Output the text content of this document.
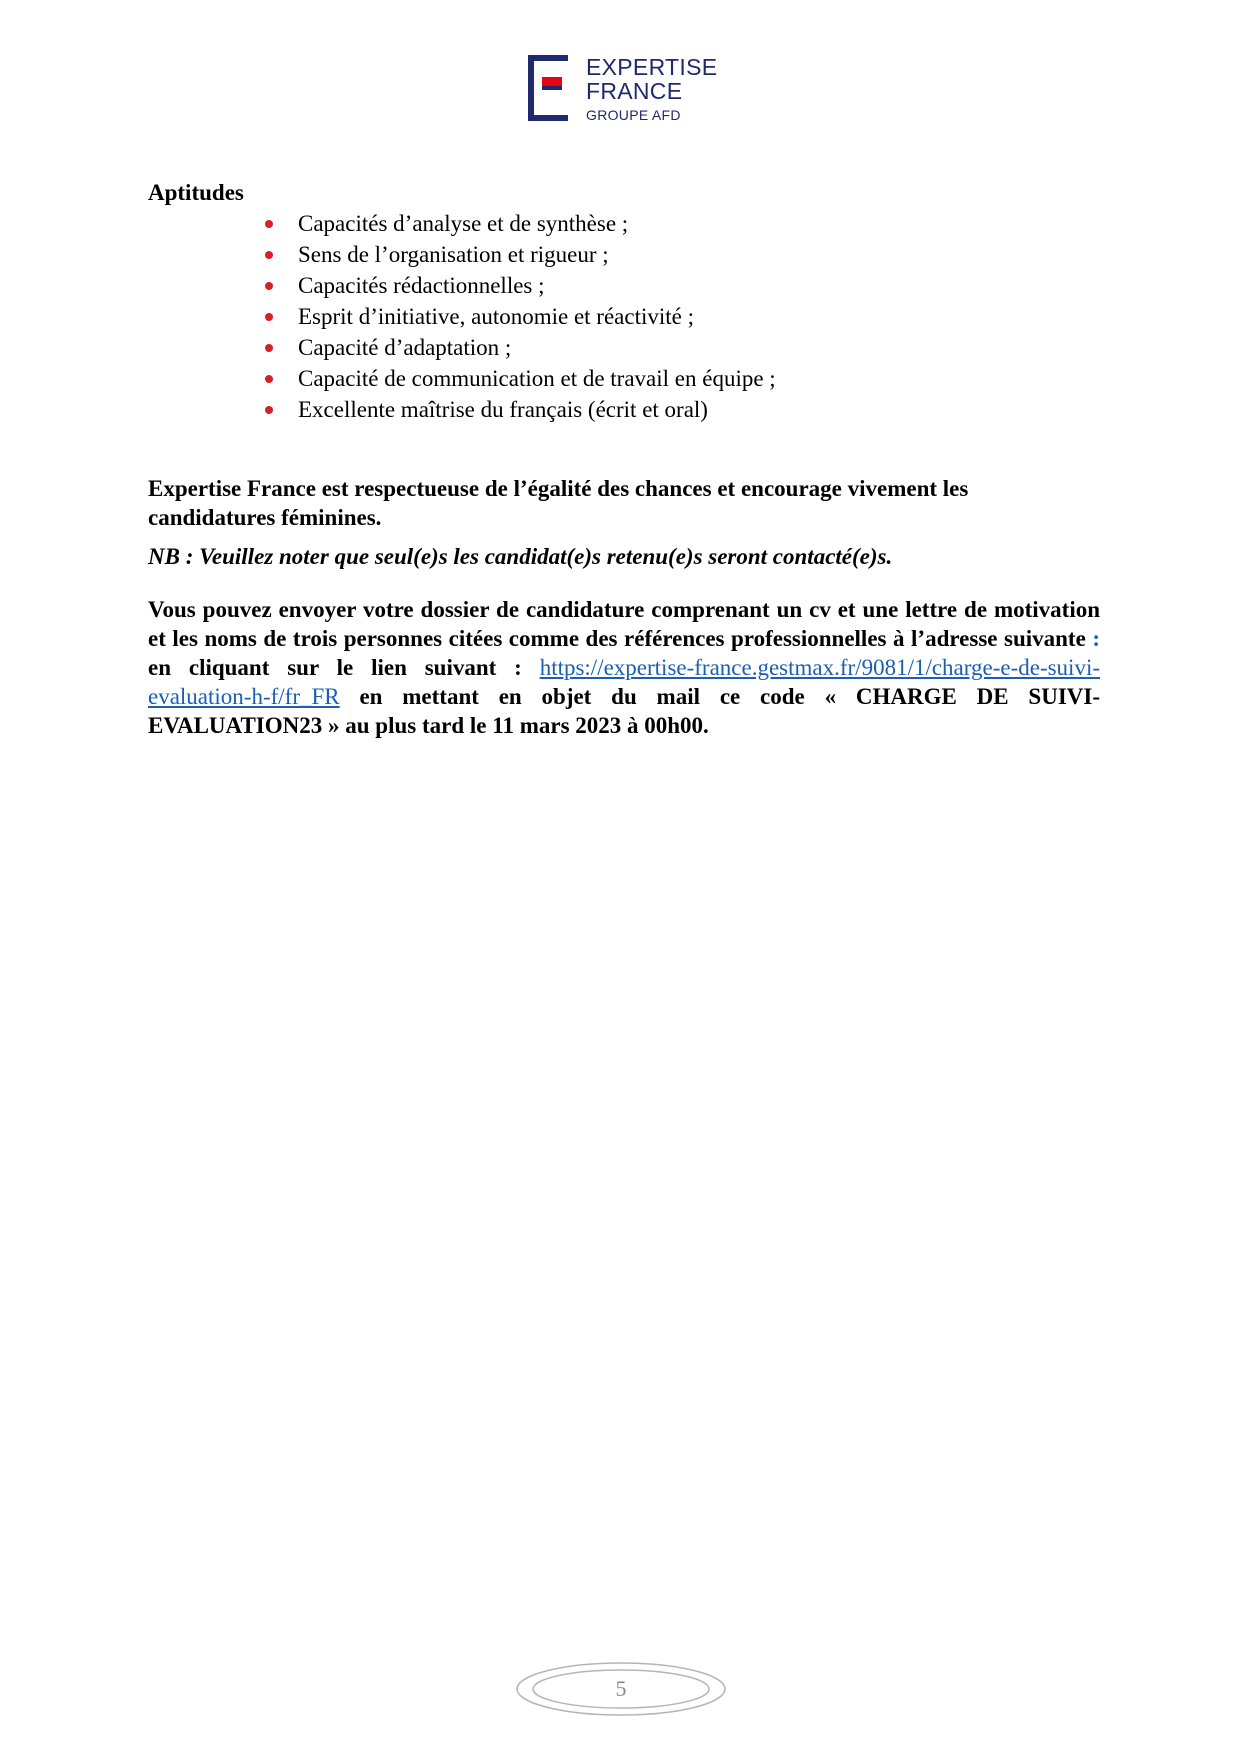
EXPERTISE
FRANCE
GROUPE AFD

Aptitudes

Capacités d’analyse et de synthèse ;
Sens de l’organisation et rigueur ;
Capacités rédactionnelles ;
Esprit d’initiative, autonomie et réactivité ;
Capacité d’adaptation ;
Capacité de communication et de travail en équipe ;
Excellente maîtrise du français (écrit et oral)

Expertise France est respectueuse de l’égalité des chances et encourage vivement les candidatures féminines.

NB : Veuillez noter que seul(e)s les candidat(e)s retenu(e)s seront contacté(e)s.

Vous pouvez envoyer votre dossier de candidature comprenant un cv et une lettre de motivation et les noms de trois personnes citées comme des références professionnelles à l’adresse suivante : en cliquant sur le lien suivant : https://expertise-france.gestmax.fr/9081/1/charge-e-de-suivi-evaluation-h-f/fr_FR en mettant en objet du mail ce code « CHARGE DE SUIVI-EVALUATION23 » au plus tard le 11 mars 2023 à 00h00.

5
